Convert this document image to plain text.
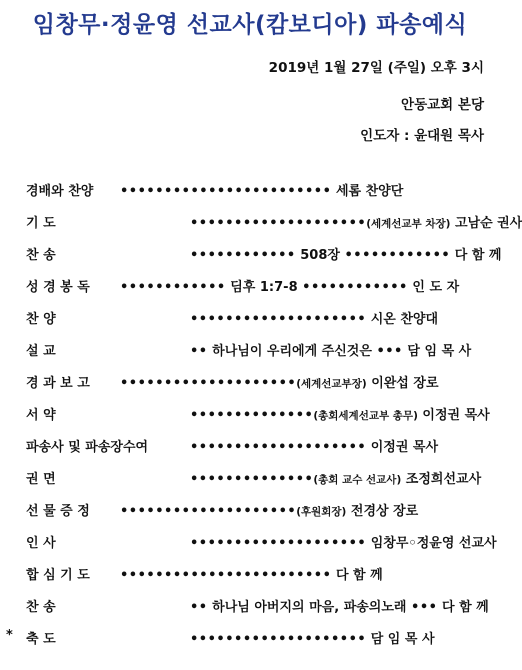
임창무·정윤영 선교사(캄보디아) 파송예식
2019년 1월 27일 (주일) 오후 3시
안동교회 본당
인도자 : 윤대원 목사
경배와 찬양	•••••••••••••••••••••••• 세롬 찬양단
기 도	••••••••••••••••••••(세계선교부 차장) 고남순 권사
찬 송	•••••••••••• 508장 •••••••••••• 다 함 께
성 경 봉 독	•••••••••••• 딤후 1:7-8 •••••••••••• 인 도 자
찬 양	•••••••••••••••••••• 시온 찬양대
설 교	•• 하나님이 우리에게 주신것은 ••• 담 임 목 사
경 과 보 고	••••••••••••••••••••(세계선교부장) 이완섭 장로
서 약	••••••••••••••(총회세계선교부 총무) 이정권 목사
파송사 및 파송장수여	•••••••••••••••••••• 이정권 목사
권 면	••••••••••••••(총회 교수 선교사) 조정희선교사
선 물 증 정	••••••••••••••••••••(후원회장) 전경상 장로
인 사	•••••••••••••••••••• 임창무◦정윤영 선교사
합 심 기 도	•••••••••••••••••••••••• 다 함 께
찬 송	•• 하나님 아버지의 마음, 파송의노래 ••• 다 함 께
* 축 도	•••••••••••••••••••• 담 임 목 사
